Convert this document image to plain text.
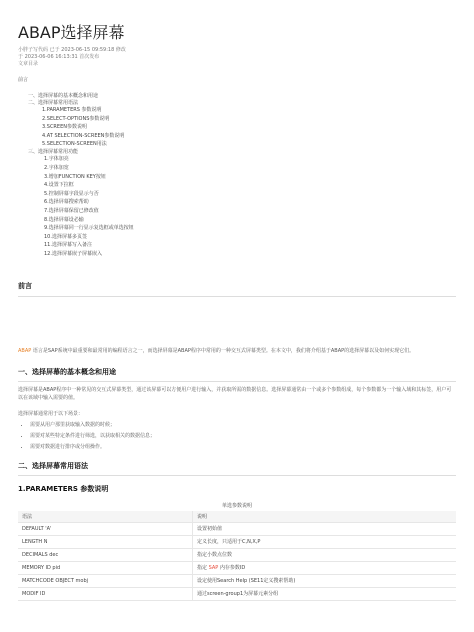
ABAP选择屏幕
小胖子写代码 已于 2023-06-15 09:59:18 修改
于 2023-06-06 16:13:31 首次发布
文章目录
前言
一、选择屏幕的基本概念和用途
二、选择屏幕常用语法
1.PARAMETERS 参数说明
2.SELECT-OPTIONS参数说明
3.SCREEN参数说明
4.AT SELECTION-SCREEN参数说明
5.SELECTION-SCREEN用法
三、选择屏幕常用功能
1.字体加亮
2.字体加宽
3.增加FUNCTION KEY按钮
4.设置下拉框
5.控制屏幕字段显示与否
6.选择屏幕搜索帮助
7.选择屏幕保留已修改值
8.选择屏幕设必输
9.选择屏幕同一行显示复选框或单选按钮
10.选择屏幕多页签
11.选择屏幕写入备注
12.选择屏幕嵌子屏幕嵌入
前言
ABAP 语言是SAP系统中最重要和最常用的编程语言之一，而选择屏幕是ABAP程序中常用的一种交互式屏幕类型。在本文中，我们将介绍基于ABAP的选择屏幕以及如何实现它们。
一、选择屏幕的基本概念和用途
选择屏幕是ABAP程序中一种常见的交互式屏幕类型，通过该屏幕可以方便用户进行输入，并获取所需的数据信息。选择屏幕通常由一个或多个参数组成，每个参数都为一个输入域和其标签，用户可以在该域中输入需要的值。
选择屏幕通常用于以下场景：
• 需要从用户那里获取输入数据的时候；
• 需要对某些特定条件进行筛选，以获取相关的数据信息；
• 需要对数据进行排序或分组操作。
二、选择屏幕常用语法
1.PARAMETERS 参数说明
单选参数说明
语法	说明
DEFAULT 'A'	设置初始值
LENGTH N	定义长度，只适用于C,N,X,P
DECIMALS dec	指定小数点位数
MEMORY ID pid	指定 SAP 内存参数ID
MATCHCODE OBJECT mobj	设定使用Search Help (SE11定义搜索帮助)
MODIF ID	通过screen-group1为屏幕元素分组
